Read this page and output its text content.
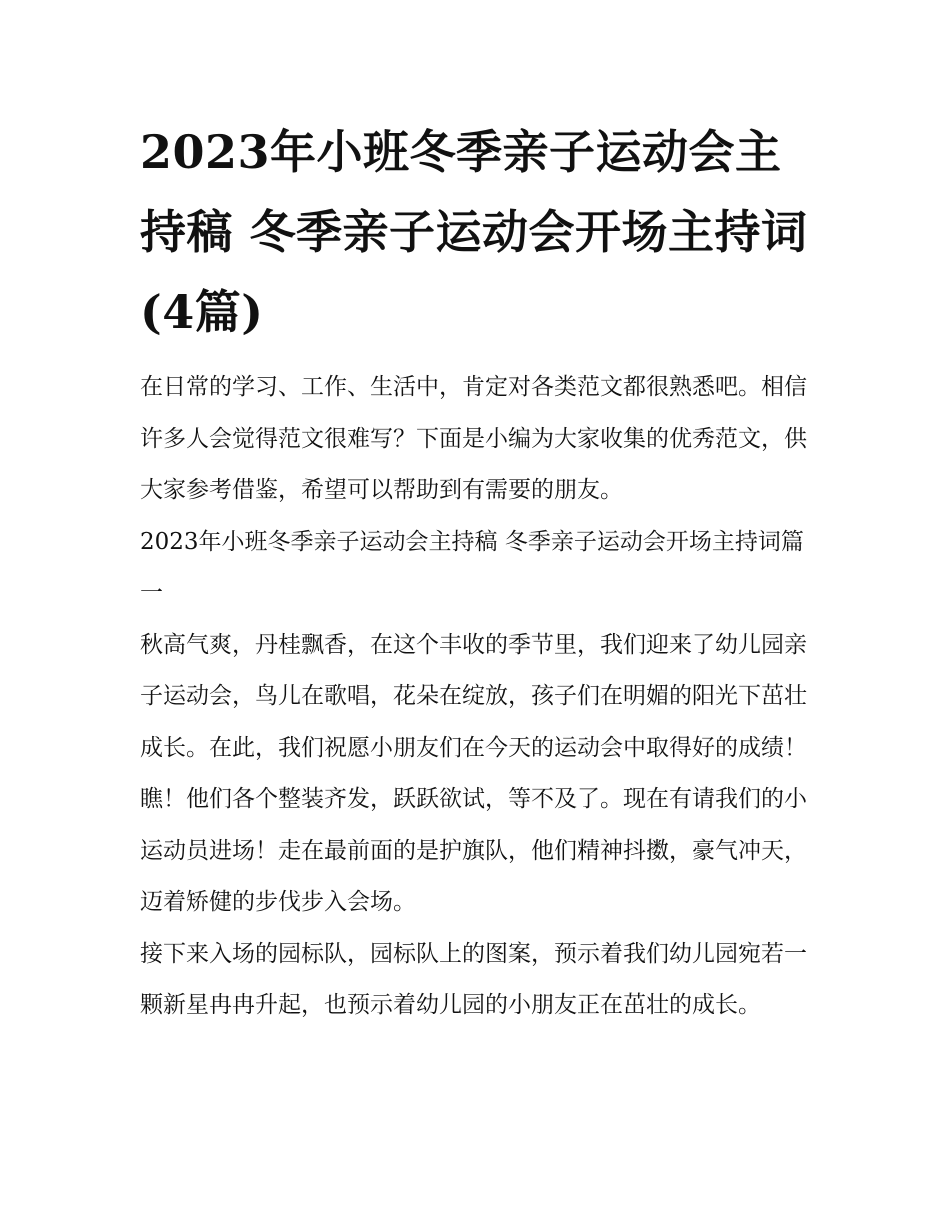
2023年小班冬季亲子运动会主持稿 冬季亲子运动会开场主持词(4篇)

在日常的学习、工作、生活中，肯定对各类范文都很熟悉吧。相信许多人会觉得范文很难写？下面是小编为大家收集的优秀范文，供大家参考借鉴，希望可以帮助到有需要的朋友。

2023年小班冬季亲子运动会主持稿 冬季亲子运动会开场主持词篇一

秋高气爽，丹桂飘香，在这个丰收的季节里，我们迎来了幼儿园亲子运动会，鸟儿在歌唱，花朵在绽放，孩子们在明媚的阳光下茁壮成长。在此，我们祝愿小朋友们在今天的运动会中取得好的成绩！

瞧！他们各个整装齐发，跃跃欲试，等不及了。现在有请我们的小运动员进场！走在最前面的是护旗队，他们精神抖擞，豪气冲天，迈着矫健的步伐步入会场。

接下来入场的园标队，园标队上的图案，预示着我们幼儿园宛若一颗新星冉冉升起，也预示着幼儿园的小朋友正在茁壮的成长。
